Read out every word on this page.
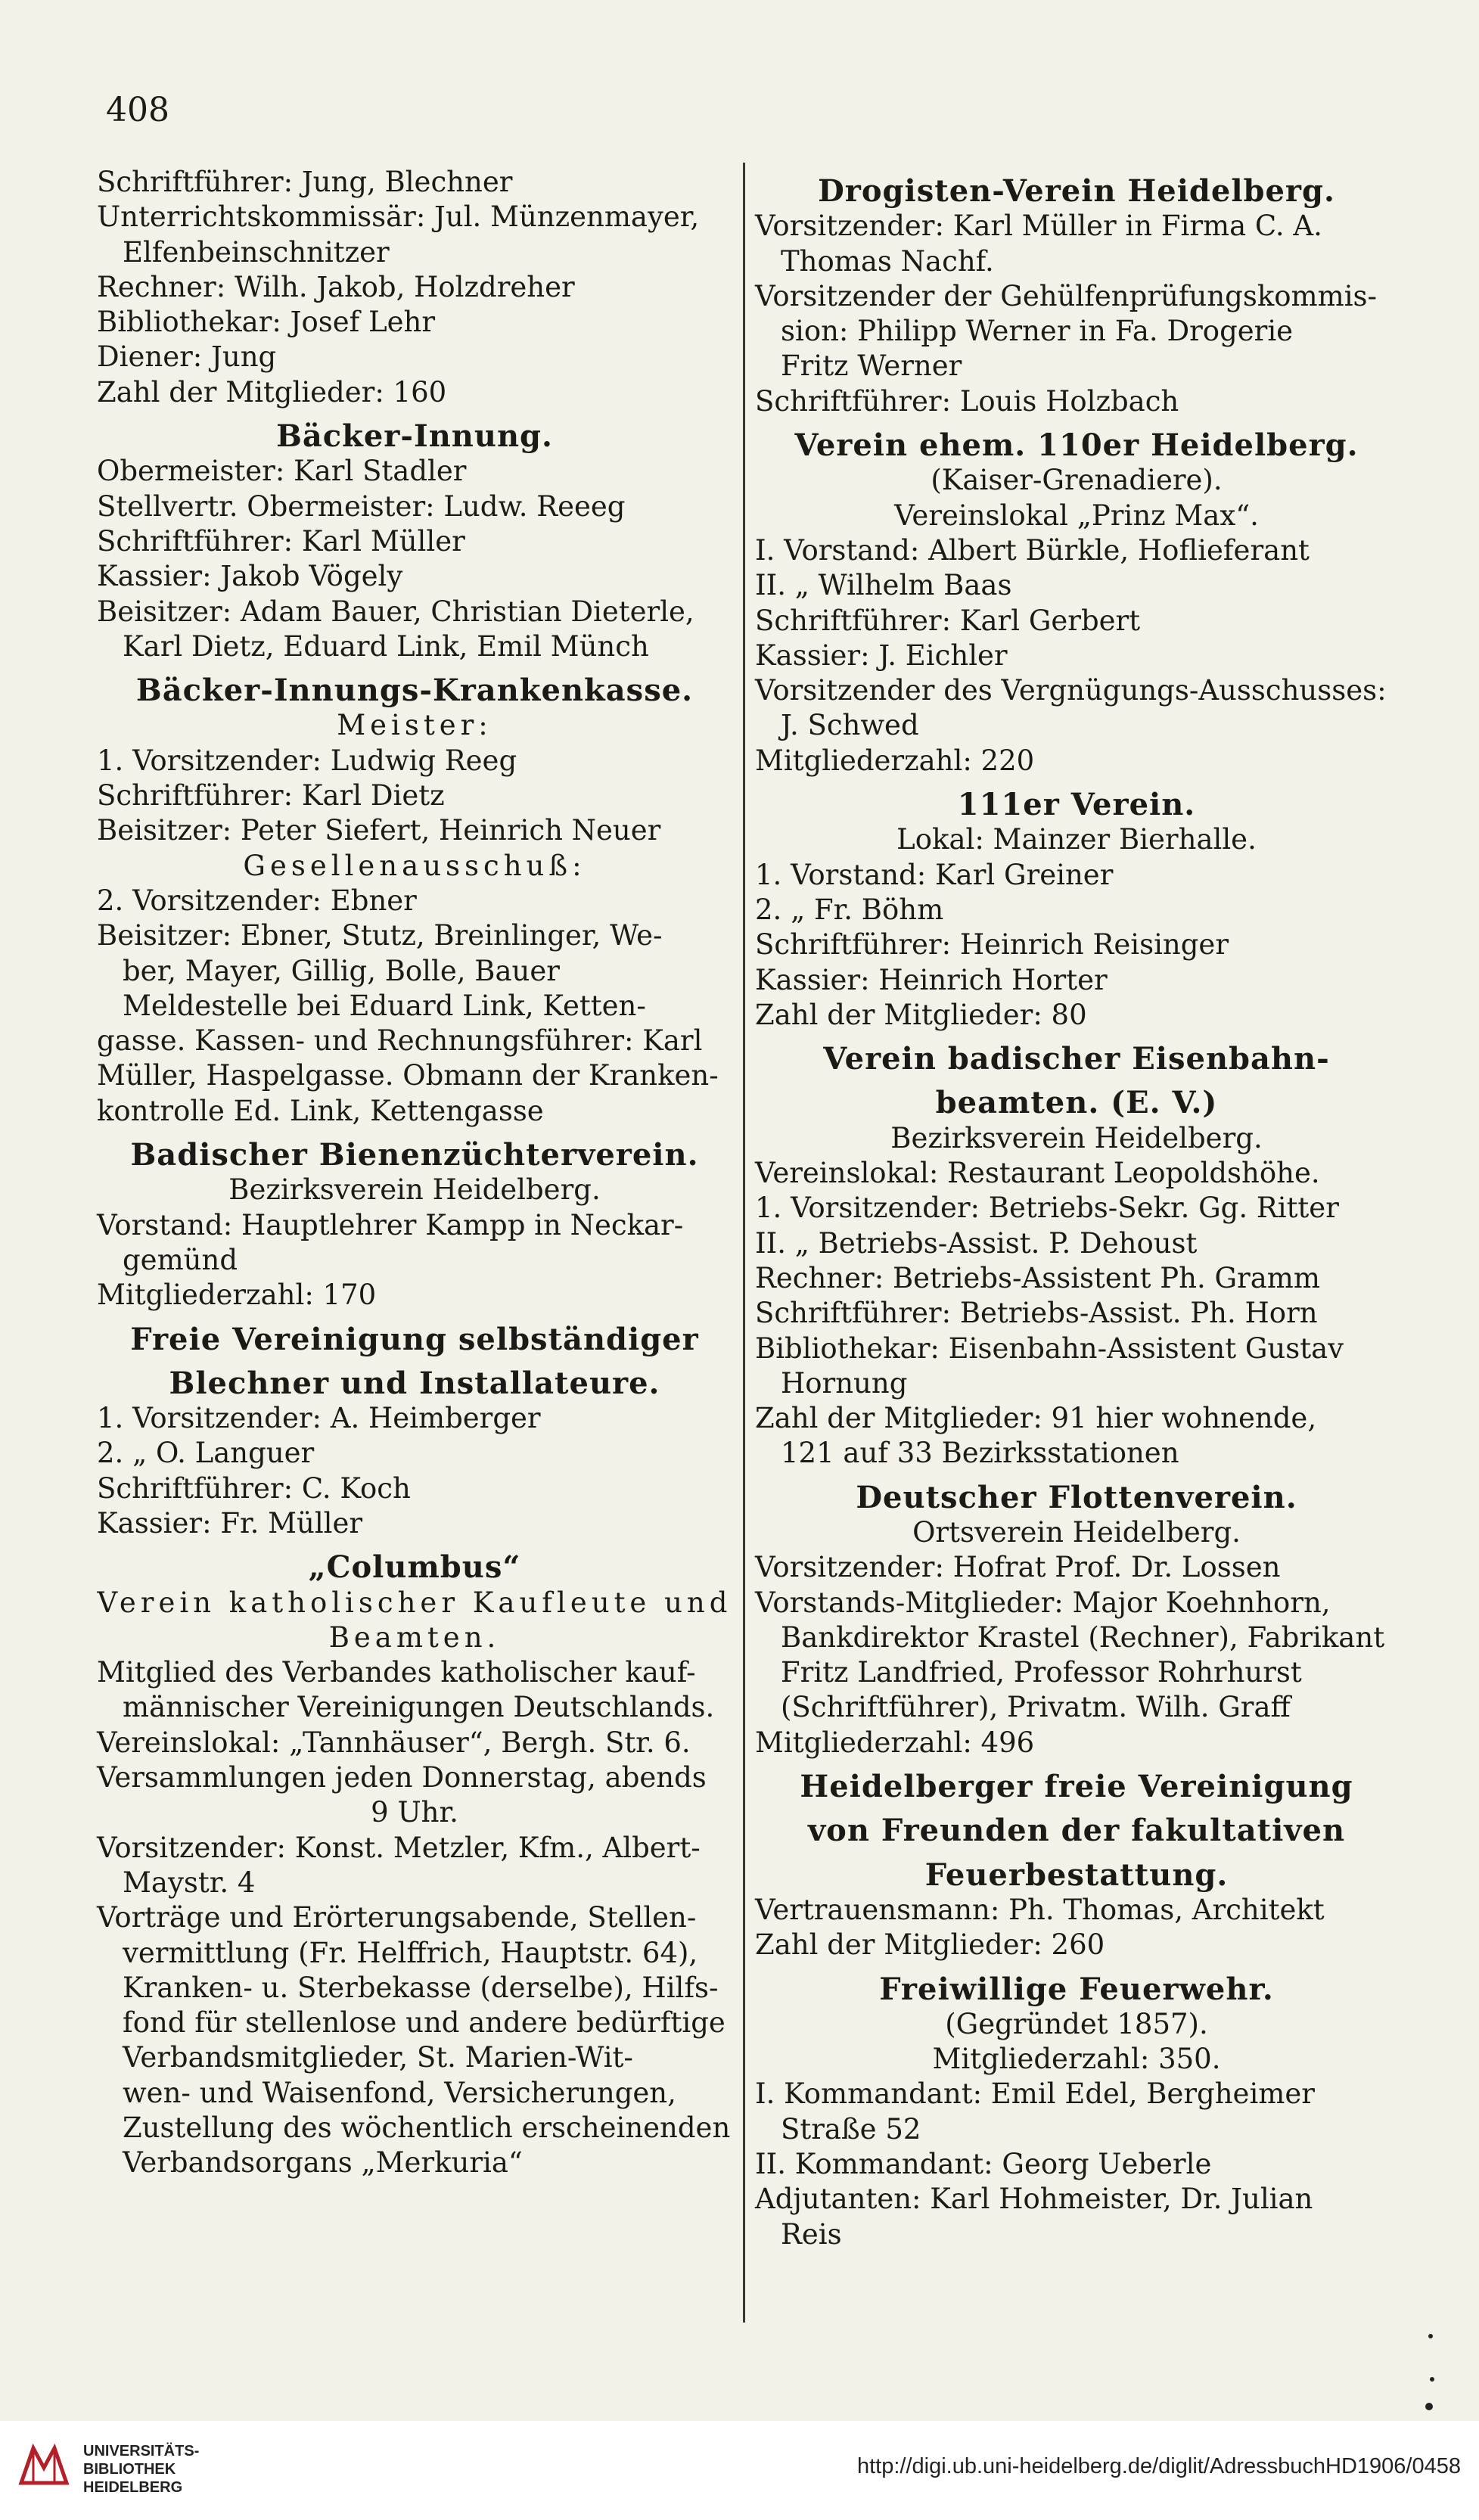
408
Schriftführer: Jung, Blechner
Unterrichtskommissär: Jul. Münzenmayer,
Elfenbeinschnitzer
Rechner: Wilh. Jakob, Holzdreher
Bibliothekar: Josef Lehr
Diener: Jung
Zahl der Mitglieder: 160
Bäcker-Innung.
Obermeister: Karl Stadler
Stellvertr. Obermeister: Ludw. Reeeg
Schriftführer: Karl Müller
Kassier: Jakob Vögely
Beisitzer: Adam Bauer, Christian Dieterle,
Karl Dietz, Eduard Link, Emil Münch
Bäcker-Innungs-Krankenkasse.
Meister:
1. Vorsitzender: Ludwig Reeg
Schriftführer: Karl Dietz
Beisitzer: Peter Siefert, Heinrich Neuer
Gesellenausschuß:
2. Vorsitzender: Ebner
Beisitzer: Ebner, Stutz, Breinlinger, We-
ber, Mayer, Gillig, Bolle, Bauer
Meldestelle bei Eduard Link, Ketten-
gasse. Kassen- und Rechnungsführer: Karl
Müller, Haspelgasse. Obmann der Kranken-
kontrolle Ed. Link, Kettengasse
Badischer Bienenzüchterverein.
Bezirksverein Heidelberg.
Vorstand: Hauptlehrer Kampp in Neckar-
gemünd
Mitgliederzahl: 170
Freie Vereinigung selbständiger
Blechner und Installateure.
1. Vorsitzender: A. Heimberger
2. „ O. Languer
Schriftführer: C. Koch
Kassier: Fr. Müller
„Columbus“
Verein katholischer Kaufleute und
Beamten.
Mitglied des Verbandes katholischer kauf-
männischer Vereinigungen Deutschlands.
Vereinslokal: „Tannhäuser“, Bergh. Str. 6.
Versammlungen jeden Donnerstag, abends
9 Uhr.
Vorsitzender: Konst. Metzler, Kfm., Albert-
Maystr. 4
Vorträge und Erörterungsabende, Stellen-
vermittlung (Fr. Helffrich, Hauptstr. 64),
Kranken- u. Sterbekasse (derselbe), Hilfs-
fond für stellenlose und andere bedürftige
Verbandsmitglieder, St. Marien-Wit-
wen- und Waisenfond, Versicherungen,
Zustellung des wöchentlich erscheinenden
Verbandsorgans „Merkuria“
Drogisten-Verein Heidelberg.
Vorsitzender: Karl Müller in Firma C. A.
Thomas Nachf.
Vorsitzender der Gehülfenprüfungskommis-
sion: Philipp Werner in Fa. Drogerie
Fritz Werner
Schriftführer: Louis Holzbach
Verein ehem. 110er Heidelberg.
(Kaiser-Grenadiere).
Vereinslokal „Prinz Max“.
I. Vorstand: Albert Bürkle, Hoflieferant
II. „ Wilhelm Baas
Schriftführer: Karl Gerbert
Kassier: J. Eichler
Vorsitzender des Vergnügungs-Ausschusses:
J. Schwed
Mitgliederzahl: 220
111er Verein.
Lokal: Mainzer Bierhalle.
1. Vorstand: Karl Greiner
2. „ Fr. Böhm
Schriftführer: Heinrich Reisinger
Kassier: Heinrich Horter
Zahl der Mitglieder: 80
Verein badischer Eisenbahn-
beamten. (E. V.)
Bezirksverein Heidelberg.
Vereinslokal: Restaurant Leopoldshöhe.
1. Vorsitzender: Betriebs-Sekr. Gg. Ritter
II. „ Betriebs-Assist. P. Dehoust
Rechner: Betriebs-Assistent Ph. Gramm
Schriftführer: Betriebs-Assist. Ph. Horn
Bibliothekar: Eisenbahn-Assistent Gustav
Hornung
Zahl der Mitglieder: 91 hier wohnende,
121 auf 33 Bezirksstationen
Deutscher Flottenverein.
Ortsverein Heidelberg.
Vorsitzender: Hofrat Prof. Dr. Lossen
Vorstands-Mitglieder: Major Koehnhorn,
Bankdirektor Krastel (Rechner), Fabrikant
Fritz Landfried, Professor Rohrhurst
(Schriftführer), Privatm. Wilh. Graff
Mitgliederzahl: 496
Heidelberger freie Vereinigung
von Freunden der fakultativen
Feuerbestattung.
Vertrauensmann: Ph. Thomas, Architekt
Zahl der Mitglieder: 260
Freiwillige Feuerwehr.
(Gegründet 1857).
Mitgliederzahl: 350.
I. Kommandant: Emil Edel, Bergheimer
Straße 52
II. Kommandant: Georg Ueberle
Adjutanten: Karl Hohmeister, Dr. Julian
Reis
UNIVERSITÄTS-
BIBLIOTHEK
HEIDELBERG
http://digi.ub.uni-heidelberg.de/diglit/AdressbuchHD1906/0458
